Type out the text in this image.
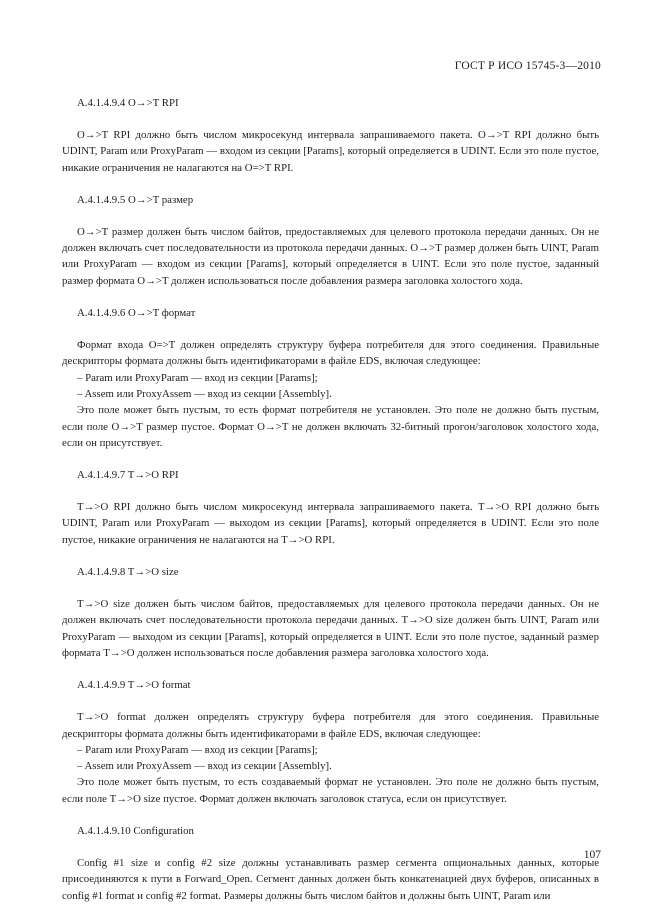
ГОСТ Р ИСО 15745-3—2010
A.4.1.4.9.4 O→>T RPI

O→>T RPI должно быть числом микросекунд интервала запрашиваемого пакета. O→>T RPI должно быть UDINT, Param или ProxyParam — входом из секции [Params], который определяется в UDINT. Если это поле пустое, никакие ограничения не налагаются на O=>T RPI.

A.4.1.4.9.5 O→>T размер

O→>T размер должен быть числом байтов, предоставляемых для целевого протокола передачи данных. Он не должен включать счет последовательности из протокола передачи данных. O→>T размер должен быть UINT, Param или ProxyParam — входом из секции [Params], который определяется в UINT. Если это поле пустое, заданный размер формата O→>T должен использоваться после добавления размера заголовка холостого хода.

A.4.1.4.9.6 O→>T формат

Формат входа O=>T должен определять структуру буфера потребителя для этого соединения. Правильные дескрипторы формата должны быть идентификаторами в файле EDS, включая следующее:

– Param или ProxyParam — вход из секции [Params];
– Assem или ProxyAssem — вход из секции [Assembly].

Это поле может быть пустым, то есть формат потребителя не установлен. Это поле не должно быть пустым, если поле O→>T размер пустое. Формат O→>T не должен включать 32-битный прогон/заголовок холостого хода, если он присутствует.

A.4.1.4.9.7 T→>O RPI

T→>O RPI должно быть числом микросекунд интервала запрашиваемого пакета. T→>O RPI должно быть UDINT, Param или ProxyParam — выходом из секции [Params], который определяется в UDINT. Если это поле пустое, никакие ограничения не налагаются на T→>O RPI.

A.4.1.4.9.8 T→>O size

T→>O size должен быть числом байтов, предоставляемых для целевого протокола передачи данных. Он не должен включать счет последовательности протокола передачи данных. T→>O size должен быть UINT, Param или ProxyParam — выходом из секции [Params], который определяется в UINT. Если это поле пустое, заданный размер формата T→>O должен использоваться после добавления размера заголовка холостого хода.

A.4.1.4.9.9 T→>O format

T→>O format должен определять структуру буфера потребителя для этого соединения. Правильные дескрипторы формата должны быть идентификаторами в файле EDS, включая следующее:

– Param или ProxyParam — вход из секции [Params];
– Assem или ProxyAssem — вход из секции [Assembly].

Это поле может быть пустым, то есть создаваемый формат не установлен. Это поле не должно быть пустым, если поле T→>O size пустое. Формат должен включать заголовок статуса, если он присутствует.

A.4.1.4.9.10 Configuration

Config #1 size и config #2 size должны устанавливать размер сегмента опциональных данных, которые присоединяются к пути в Forward_Open. Сегмент данных должен быть конкатенацией двух буферов, описанных в config #1 format и config #2 format. Размеры должны быть числом байтов и должны быть UINT, Param или

107
